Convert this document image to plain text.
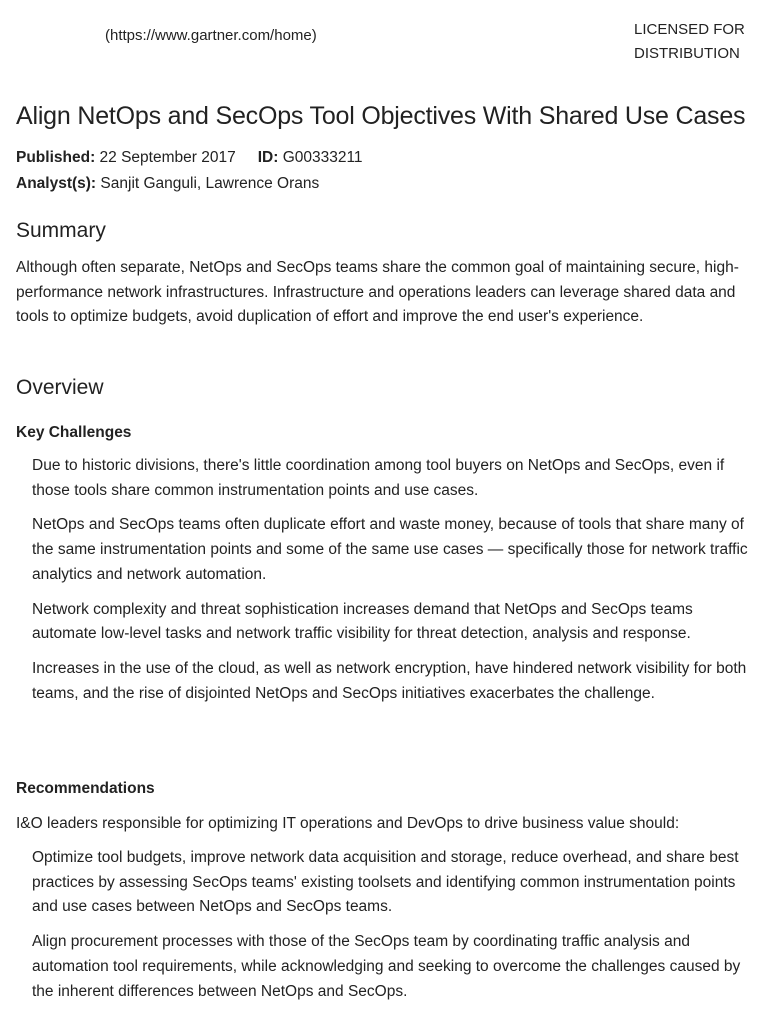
(https://www.gartner.com/home)	LICENSED FOR
DISTRIBUTION
Align NetOps and SecOps Tool Objectives With Shared Use Cases
Published: 22 September 2017 ID: G00333211
Analyst(s): Sanjit Ganguli, Lawrence Orans
Summary

Although often separate, NetOps and SecOps teams share the common goal of maintaining secure, high-performance network infrastructures. Infrastructure and operations leaders can leverage shared data and tools to optimize budgets, avoid duplication of effort and improve the end user's experience.

Overview
Key Challenges
Due to historic divisions, there's little coordination among tool buyers on NetOps and SecOps, even if those tools share common instrumentation points and use cases.
NetOps and SecOps teams often duplicate effort and waste money, because of tools that share many of the same instrumentation points and some of the same use cases — specifically those for network traffic analytics and network automation.
Network complexity and threat sophistication increases demand that NetOps and SecOps teams automate low-level tasks and network traffic visibility for threat detection, analysis and response.
Increases in the use of the cloud, as well as network encryption, have hindered network visibility for both teams, and the rise of disjointed NetOps and SecOps initiatives exacerbates the challenge.
Recommendations

I&O leaders responsible for optimizing IT operations and DevOps to drive business value should:

Optimize tool budgets, improve network data acquisition and storage, reduce overhead, and share best practices by assessing SecOps teams' existing toolsets and identifying common instrumentation points and use cases between NetOps and SecOps teams.
Align procurement processes with those of the SecOps team by coordinating traffic analysis and automation tool requirements, while acknowledging and seeking to overcome the challenges caused by the inherent differences between NetOps and SecOps.
